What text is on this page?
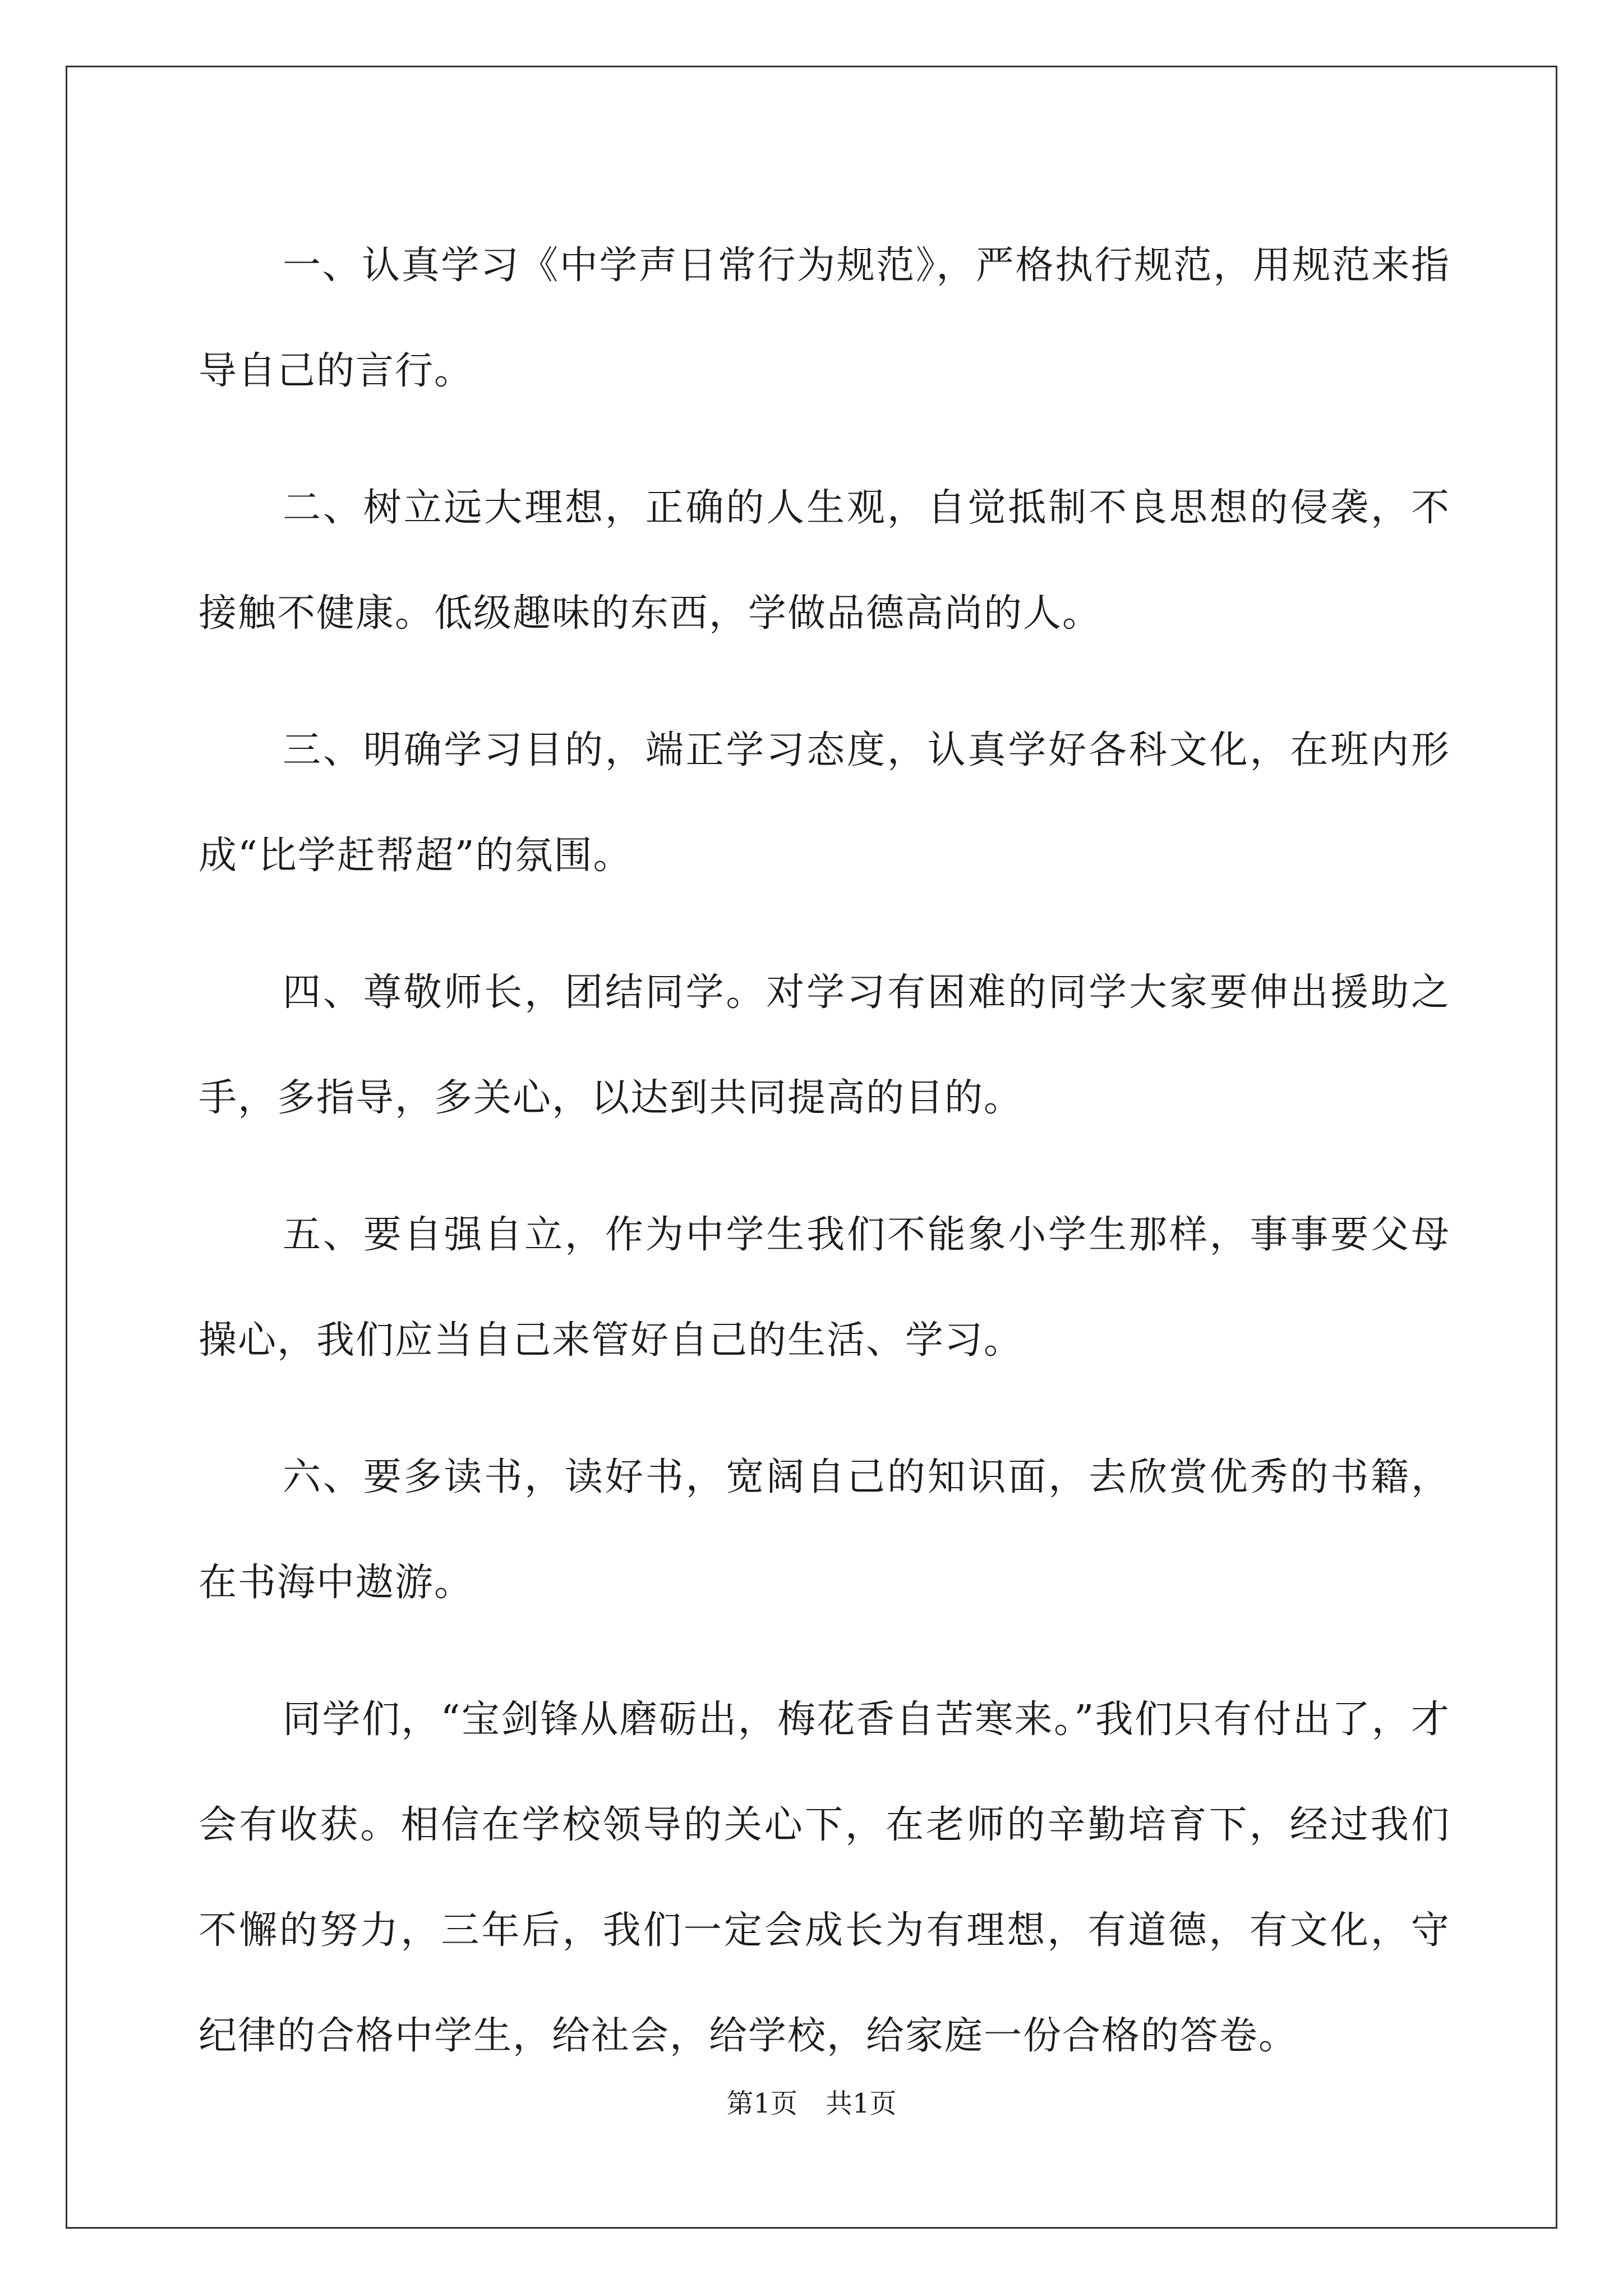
一、认真学习《中学声日常行为规范》，严格执行规范，用规范来指导自己的言行。

二、树立远大理想，正确的人生观，自觉抵制不良思想的侵袭，不接触不健康。低级趣味的东西，学做品德高尚的人。

三、明确学习目的，端正学习态度，认真学好各科文化，在班内形成“比学赶帮超”的氛围。

四、尊敬师长，团结同学。对学习有困难的同学大家要伸出援助之手，多指导，多关心，以达到共同提高的目的。

五、要自强自立，作为中学生我们不能象小学生那样，事事要父母操心，我们应当自己来管好自己的生活、学习。

六、要多读书，读好书，宽阔自己的知识面，去欣赏优秀的书籍，在书海中遨游。

同学们，“宝剑锋从磨砺出，梅花香自苦寒来。”我们只有付出了，才会有收获。相信在学校领导的关心下，在老师的辛勤培育下，经过我们不懈的努力，三年后，我们一定会成长为有理想，有道德，有文化，守纪律的合格中学生，给社会，给学校，给家庭一份合格的答卷。

第1页 共1页
